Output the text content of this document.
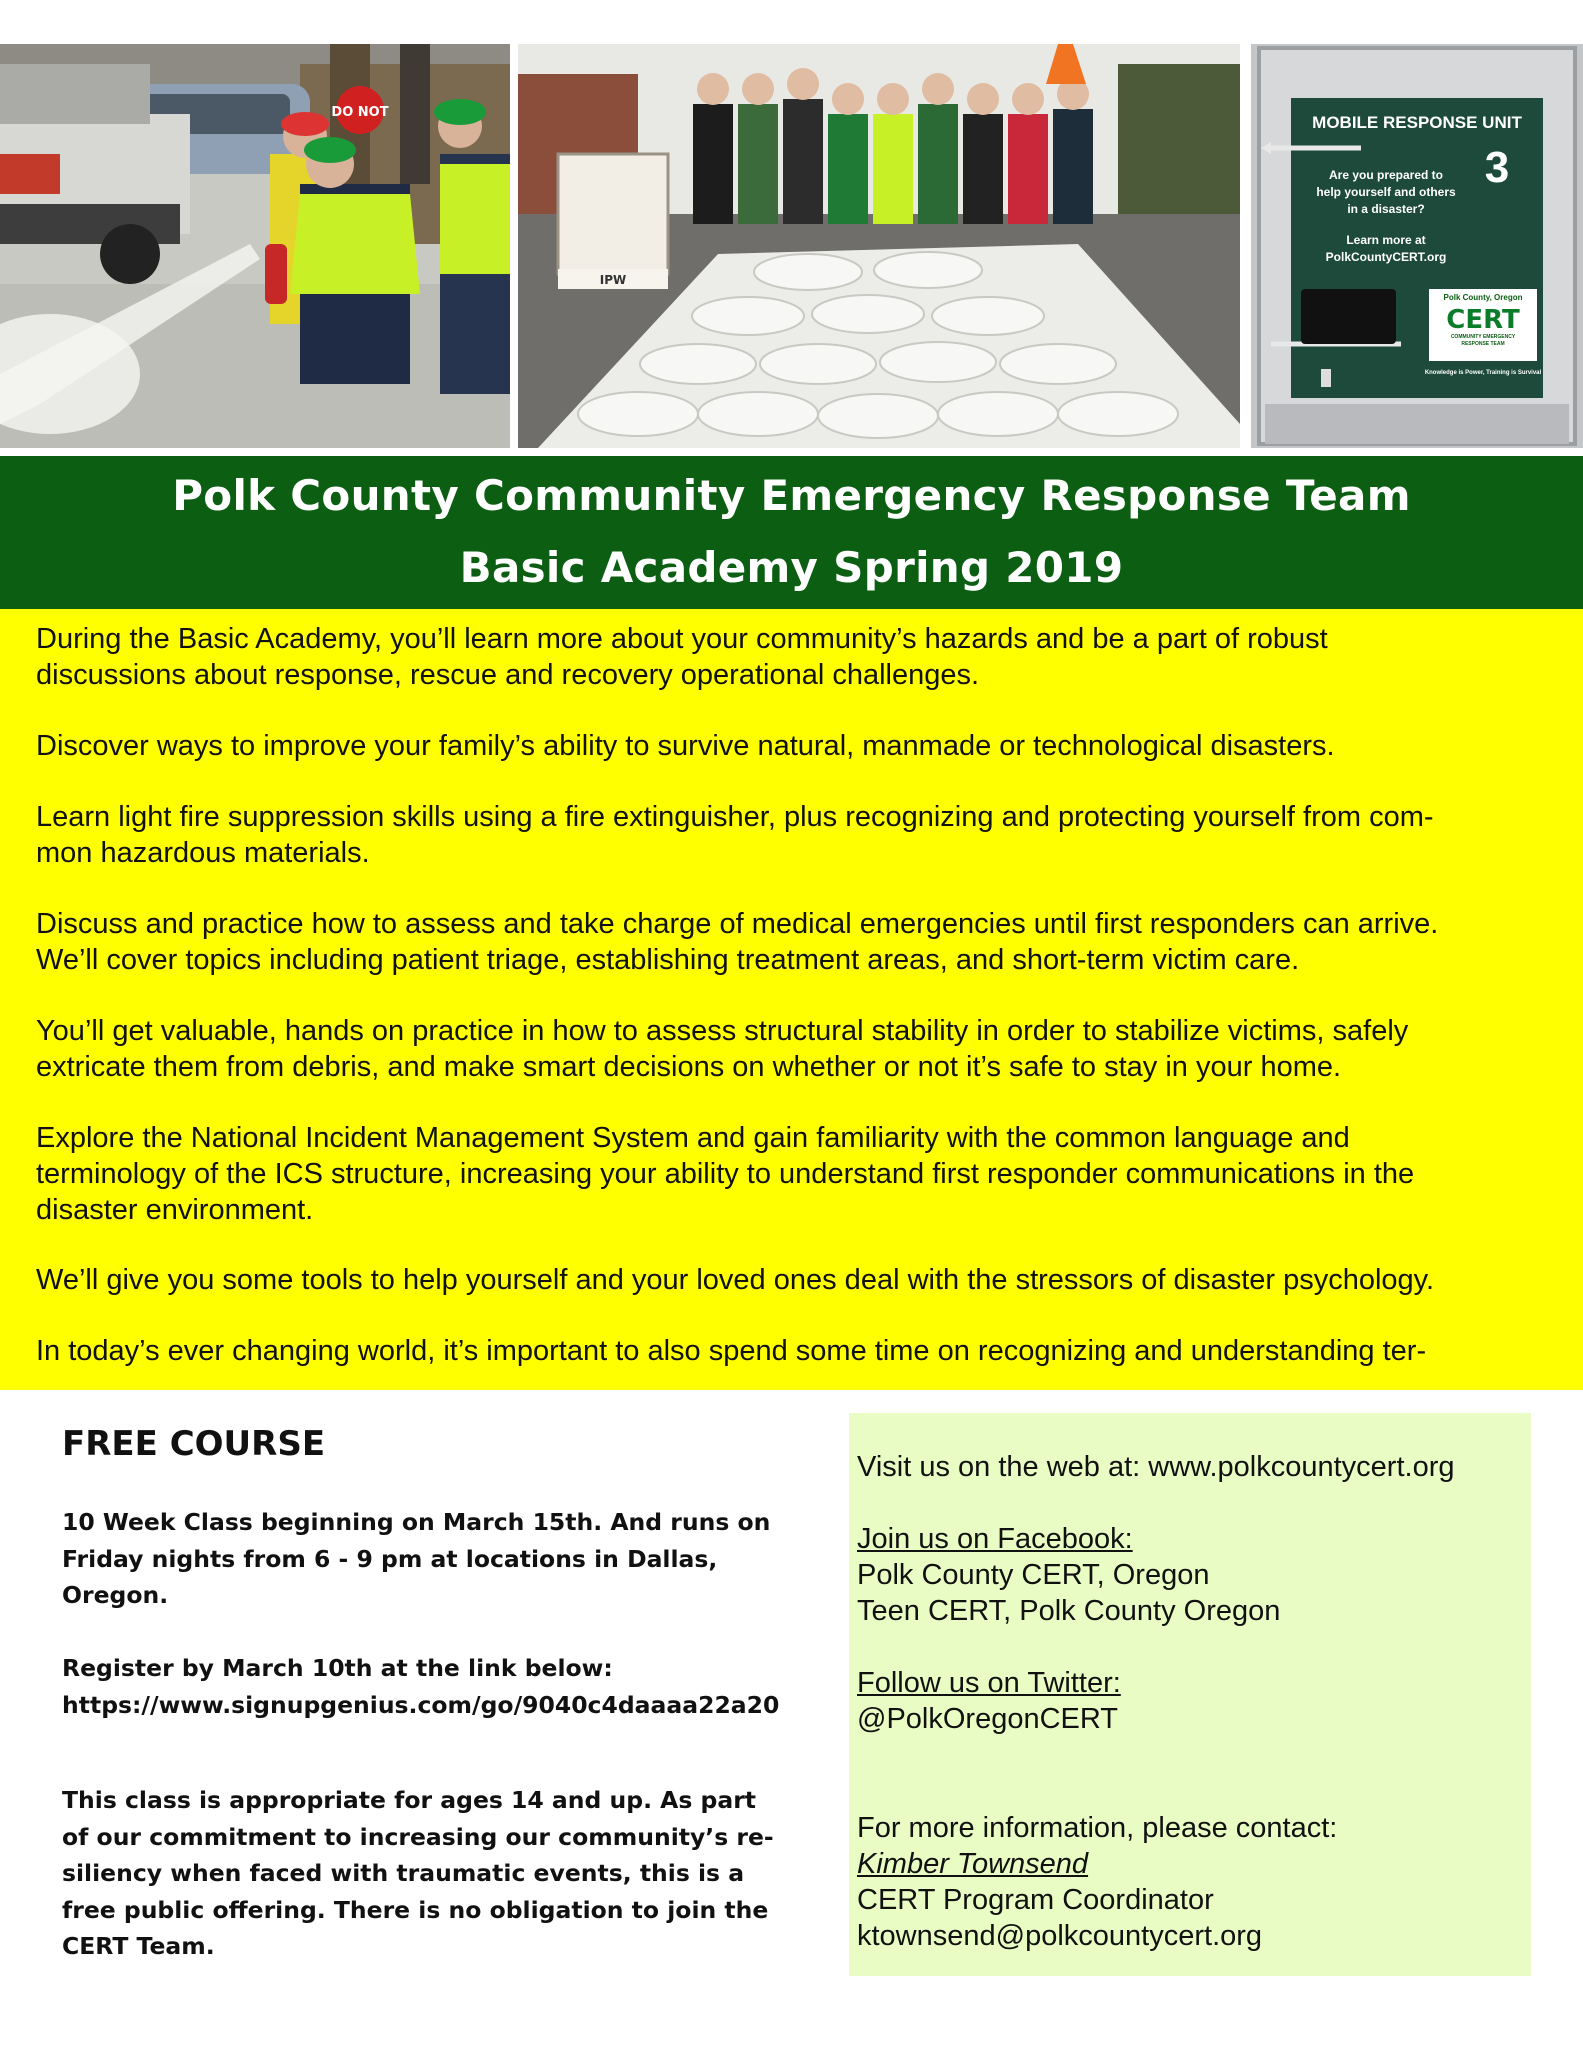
DO NOT
IPW
MOBILE RESPONSE UNIT
3
Are you prepared to
help yourself and others
in a disaster?
Learn more at
PolkCountyCERT.org
Polk County, Oregon
CERT
COMMUNITY EMERGENCY
RESPONSE TEAM
Knowledge is Power, Training is Survival
Polk County Community Emergency Response Team
Basic Academy Spring 2019
During the Basic Academy, you’ll learn more about your community’s hazards and be a part of robust
discussions about response, rescue and recovery operational challenges.
Discover ways to improve your family’s ability to survive natural, manmade or technological disasters.
Learn light fire suppression skills using a fire extinguisher, plus recognizing and protecting yourself from com-
mon hazardous materials.
Discuss and practice how to assess and take charge of medical emergencies until first responders can arrive.
We’ll cover topics including patient triage, establishing treatment areas, and short-term victim care.
You’ll get valuable, hands on practice in how to assess structural stability in order to stabilize victims, safely
extricate them from debris, and make smart decisions on whether or not it’s safe to stay in your home.
Explore the National Incident Management System and gain familiarity with the common language and
terminology of the ICS structure, increasing your ability to understand first responder communications in the
disaster environment.
We’ll give you some tools to help yourself and your loved ones deal with the stressors of disaster psychology.
In today’s ever changing world, it’s important to also spend some time on recognizing and understanding ter-
FREE COURSE
10 Week Class beginning on March 15th. And runs on
Friday nights from 6 - 9 pm at locations in Dallas,
Oregon.
Register by March 10th at the link below:
https://www.signupgenius.com/go/9040c4daaaa22a20
This class is appropriate for ages 14 and up. As part
of our commitment to increasing our community’s re-
siliency when faced with traumatic events, this is a
free public offering. There is no obligation to join the
CERT Team.
Visit us on the web at: www.polkcountycert.org
Join us on Facebook:
Polk County CERT, Oregon
Teen CERT, Polk County Oregon
Follow us on Twitter:
@PolkOregonCERT
For more information, please contact:
Kimber Townsend
CERT Program Coordinator
ktownsend@polkcountycert.org
